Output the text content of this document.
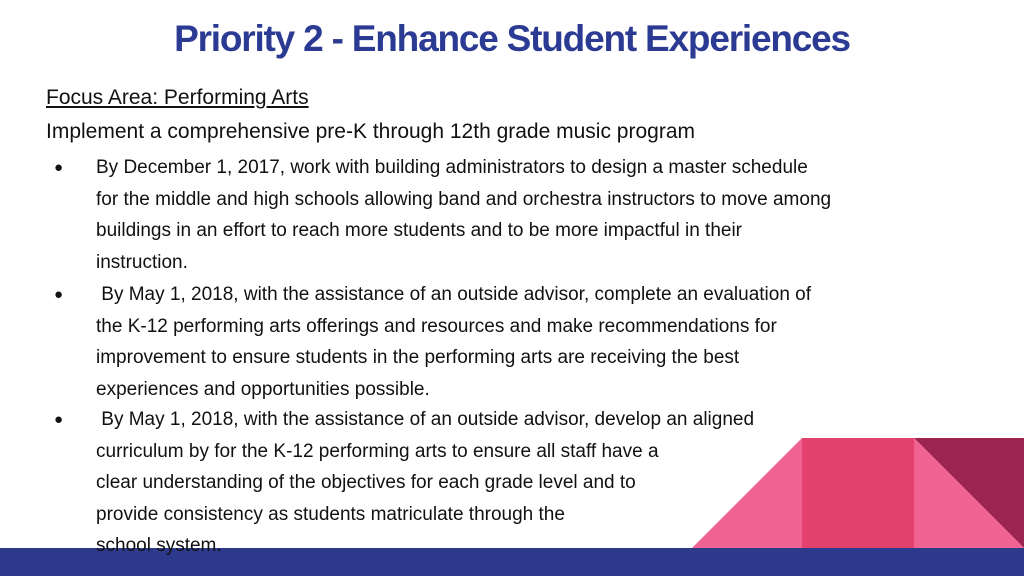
Priority 2 - Enhance Student Experiences
Focus Area: Performing Arts
Implement a comprehensive pre-K through 12th grade music program
● By December 1, 2017, work with building administrators to design a master schedule
for the middle and high schools allowing band and orchestra instructors to move among
buildings in an effort to reach more students and to be more impactful in their
instruction.
● By May 1, 2018, with the assistance of an outside advisor, complete an evaluation of
the K-12 performing arts offerings and resources and make recommendations for
improvement to ensure students in the performing arts are receiving the best
experiences and opportunities possible.
● By May 1, 2018, with the assistance of an outside advisor, develop an aligned
curriculum by for the K-12 performing arts to ensure all staff have a
clear understanding of the objectives for each grade level and to
provide consistency as students matriculate through the
school system.
